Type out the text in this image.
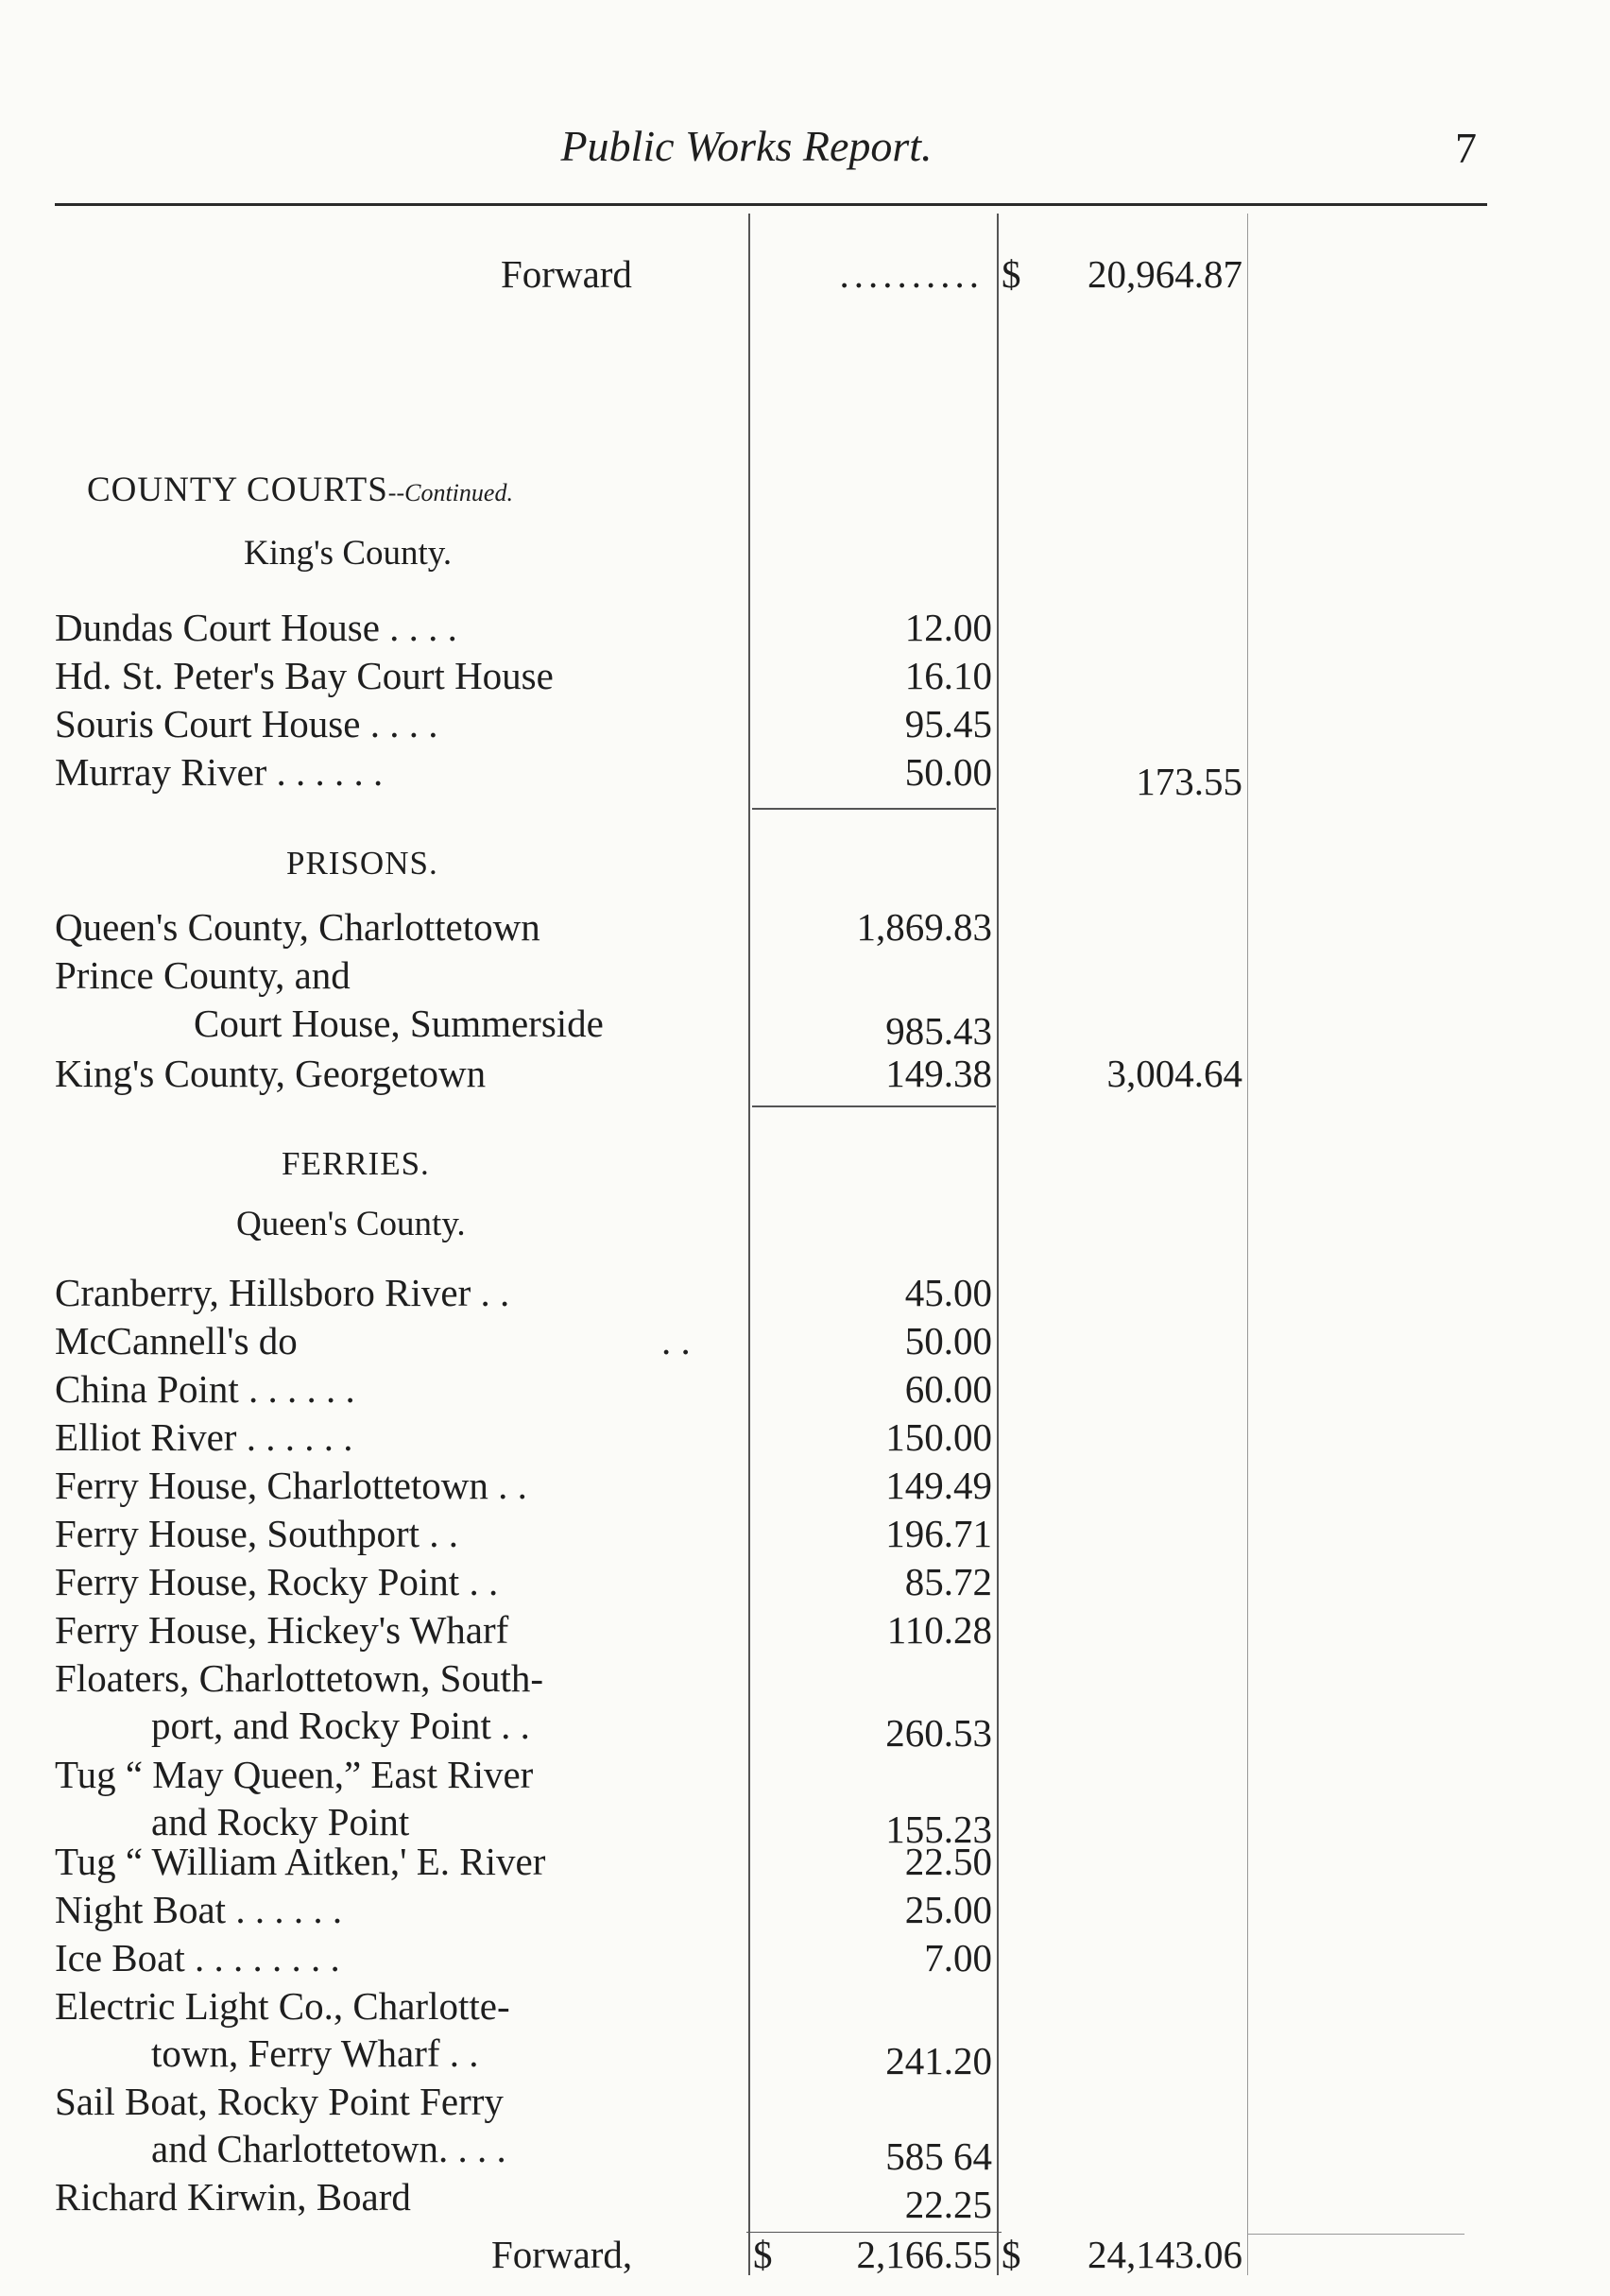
Public Works Report.	7
Forward	.......... $	20,964.87
COUNTY COURTS--Continued.
King's County.
Dundas Court House . . . .	12.00
Hd. St. Peter's Bay Court House	16.10
Souris Court House . . . .	95.45
Murray River . . . . . .	50.00	173.55
PRISONS.
Queen's County, Charlottetown	1,869.83
Prince County, and
Court House, Summerside	985.43
King's County, Georgetown	149.38	3,004.64
FERRIES.
Queen's County.
Cranberry, Hillsboro River . .	45.00
McCannell's do	. .	50.00
China Point . . . . . .	60.00
Elliot River . . . . . .	150.00
Ferry House, Charlottetown . .	149.49
Ferry House, Southport . .	196.71
Ferry House, Rocky Point . .	85.72
Ferry House, Hickey's Wharf	110.28
Floaters, Charlottetown, South-
port, and Rocky Point . .	260.53
Tug “ May Queen,” East River
and Rocky Point	155.23
Tug “ William Aitken,' E. River	22.50
Night Boat . . . . . .	25.00
Ice Boat . . . . . . . .	7.00
Electric Light Co., Charlotte-
town, Ferry Wharf . .	241.20
Sail Boat, Rocky Point Ferry
and Charlottetown. . . .	585 64
Richard Kirwin, Board	22.25
Forward,	$	2,166.55 $	24,143.06
